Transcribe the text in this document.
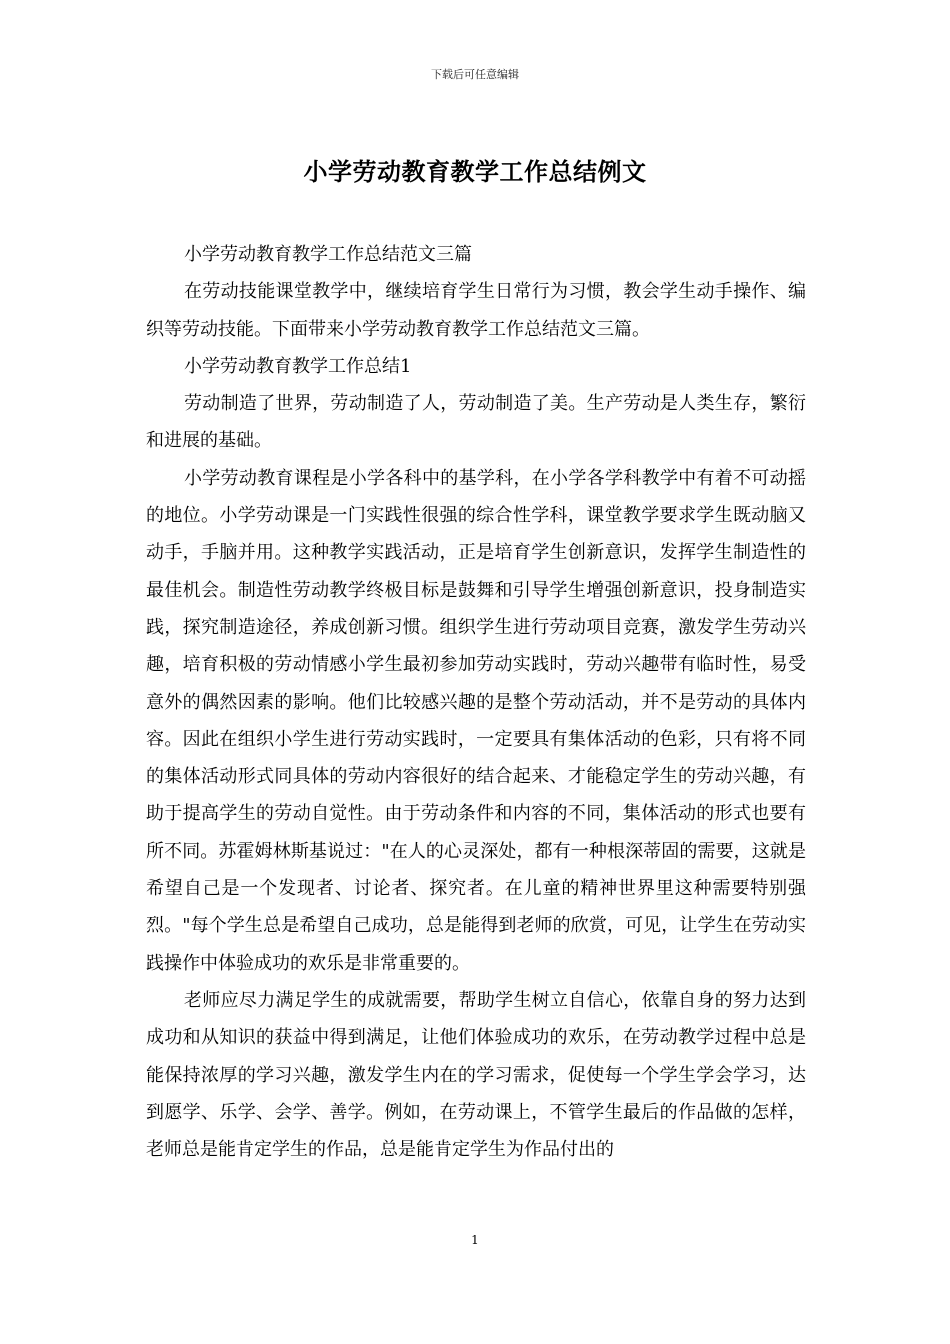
下载后可任意编辑
小学劳动教育教学工作总结例文

小学劳动教育教学工作总结范文三篇

在劳动技能课堂教学中，继续培育学生日常行为习惯，教会学生动手操作、编织等劳动技能。下面带来小学劳动教育教学工作总结范文三篇。

小学劳动教育教学工作总结1

劳动制造了世界，劳动制造了人，劳动制造了美。生产劳动是人类生存，繁衍和进展的基础。

小学劳动教育课程是小学各科中的基学科，在小学各学科教学中有着不可动摇的地位。小学劳动课是一门实践性很强的综合性学科，课堂教学要求学生既动脑又动手，手脑并用。这种教学实践活动，正是培育学生创新意识，发挥学生制造性的最佳机会。制造性劳动教学终极目标是鼓舞和引导学生增强创新意识，投身制造实践，探究制造途径，养成创新习惯。组织学生进行劳动项目竞赛，激发学生劳动兴趣，培育积极的劳动情感小学生最初参加劳动实践时，劳动兴趣带有临时性，易受意外的偶然因素的影响。他们比较感兴趣的是整个劳动活动，并不是劳动的具体内容。因此在组织小学生进行劳动实践时，一定要具有集体活动的色彩，只有将不同的集体活动形式同具体的劳动内容很好的结合起来、才能稳定学生的劳动兴趣，有助于提高学生的劳动自觉性。由于劳动条件和内容的不同，集体活动的形式也要有所不同。苏霍姆林斯基说过："在人的心灵深处，都有一种根深蒂固的需要，这就是希望自己是一个发现者、讨论者、探究者。在儿童的精神世界里这种需要特别强烈。"每个学生总是希望自己成功，总是能得到老师的欣赏，可见，让学生在劳动实践操作中体验成功的欢乐是非常重要的。

老师应尽力满足学生的成就需要，帮助学生树立自信心，依靠自身的努力达到成功和从知识的获益中得到满足，让他们体验成功的欢乐，在劳动教学过程中总是能保持浓厚的学习兴趣，激发学生内在的学习需求，促使每一个学生学会学习，达到愿学、乐学、会学、善学。例如，在劳动课上，不管学生最后的作品做的怎样，老师总是能肯定学生的作品，总是能肯定学生为作品付出的

1
